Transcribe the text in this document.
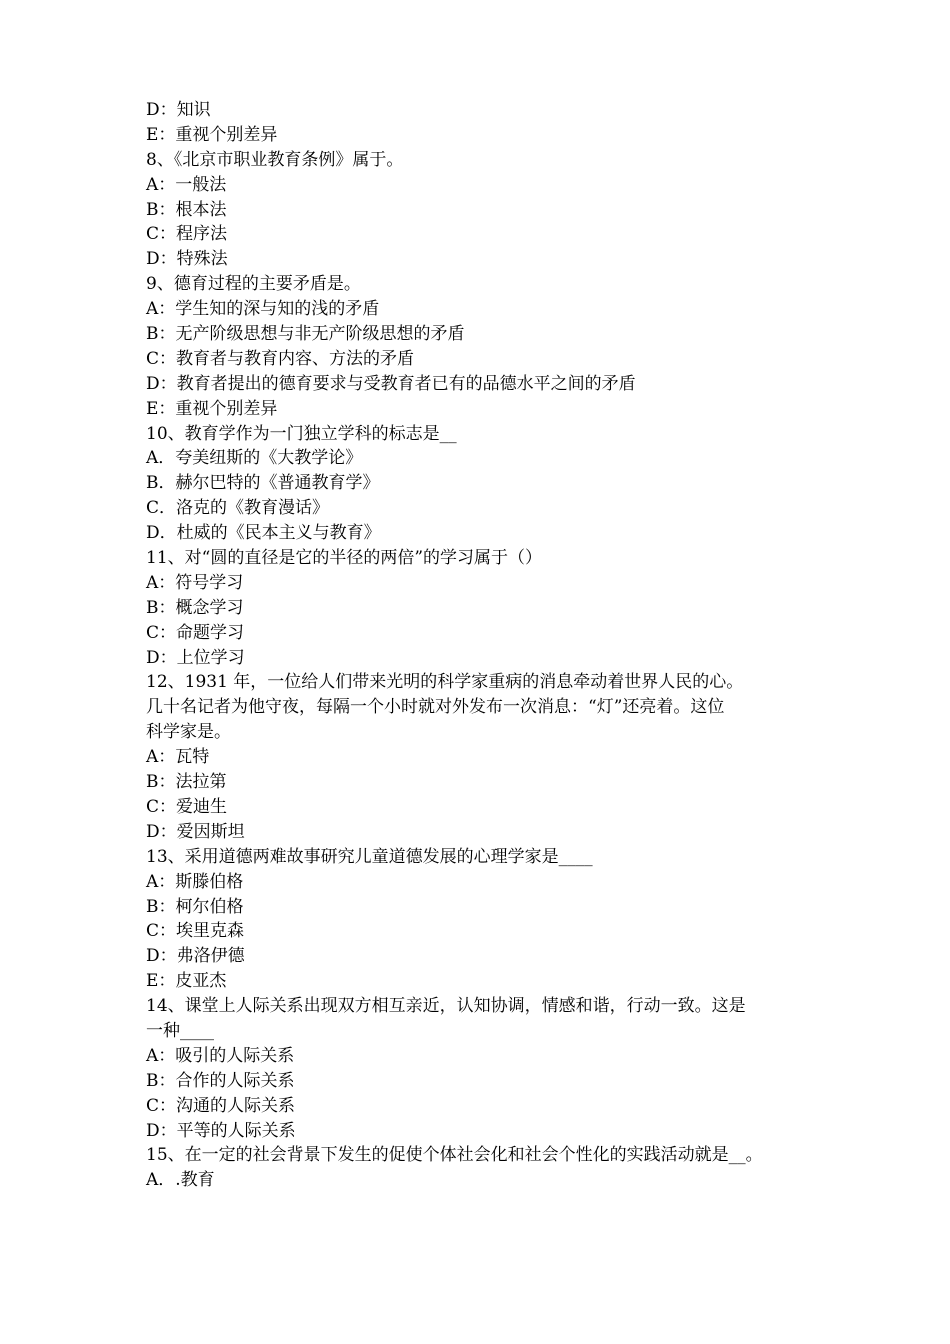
D：知识
E：重视个别差异
8、《北京市职业教育条例》属于。
A：一般法
B：根本法
C：程序法
D：特殊法
9、德育过程的主要矛盾是。
A：学生知的深与知的浅的矛盾
B：无产阶级思想与非无产阶级思想的矛盾
C：教育者与教育内容、方法的矛盾
D：教育者提出的德育要求与受教育者已有的品德水平之间的矛盾
E：重视个别差异
10、教育学作为一门独立学科的标志是__
A．夸美纽斯的《大教学论》
B．赫尔巴特的《普通教育学》
C．洛克的《教育漫话》
D．杜威的《民本主义与教育》
11、对“圆的直径是它的半径的两倍”的学习属于（）
A：符号学习
B：概念学习
C：命题学习
D：上位学习
12、1931 年，一位给人们带来光明的科学家重病的消息牵动着世界人民的心。
几十名记者为他守夜，每隔一个小时就对外发布一次消息：“灯”还亮着。这位
科学家是。
A：瓦特
B：法拉第
C：爱迪生
D：爱因斯坦
13、采用道德两难故事研究儿童道德发展的心理学家是____
A：斯滕伯格
B：柯尔伯格
C：埃里克森
D：弗洛伊德
E：皮亚杰
14、课堂上人际关系出现双方相互亲近，认知协调，情感和谐，行动一致。这是
一种____
A：吸引的人际关系
B：合作的人际关系
C：沟通的人际关系
D：平等的人际关系
15、在一定的社会背景下发生的促使个体社会化和社会个性化的实践活动就是__。
A．.教育
